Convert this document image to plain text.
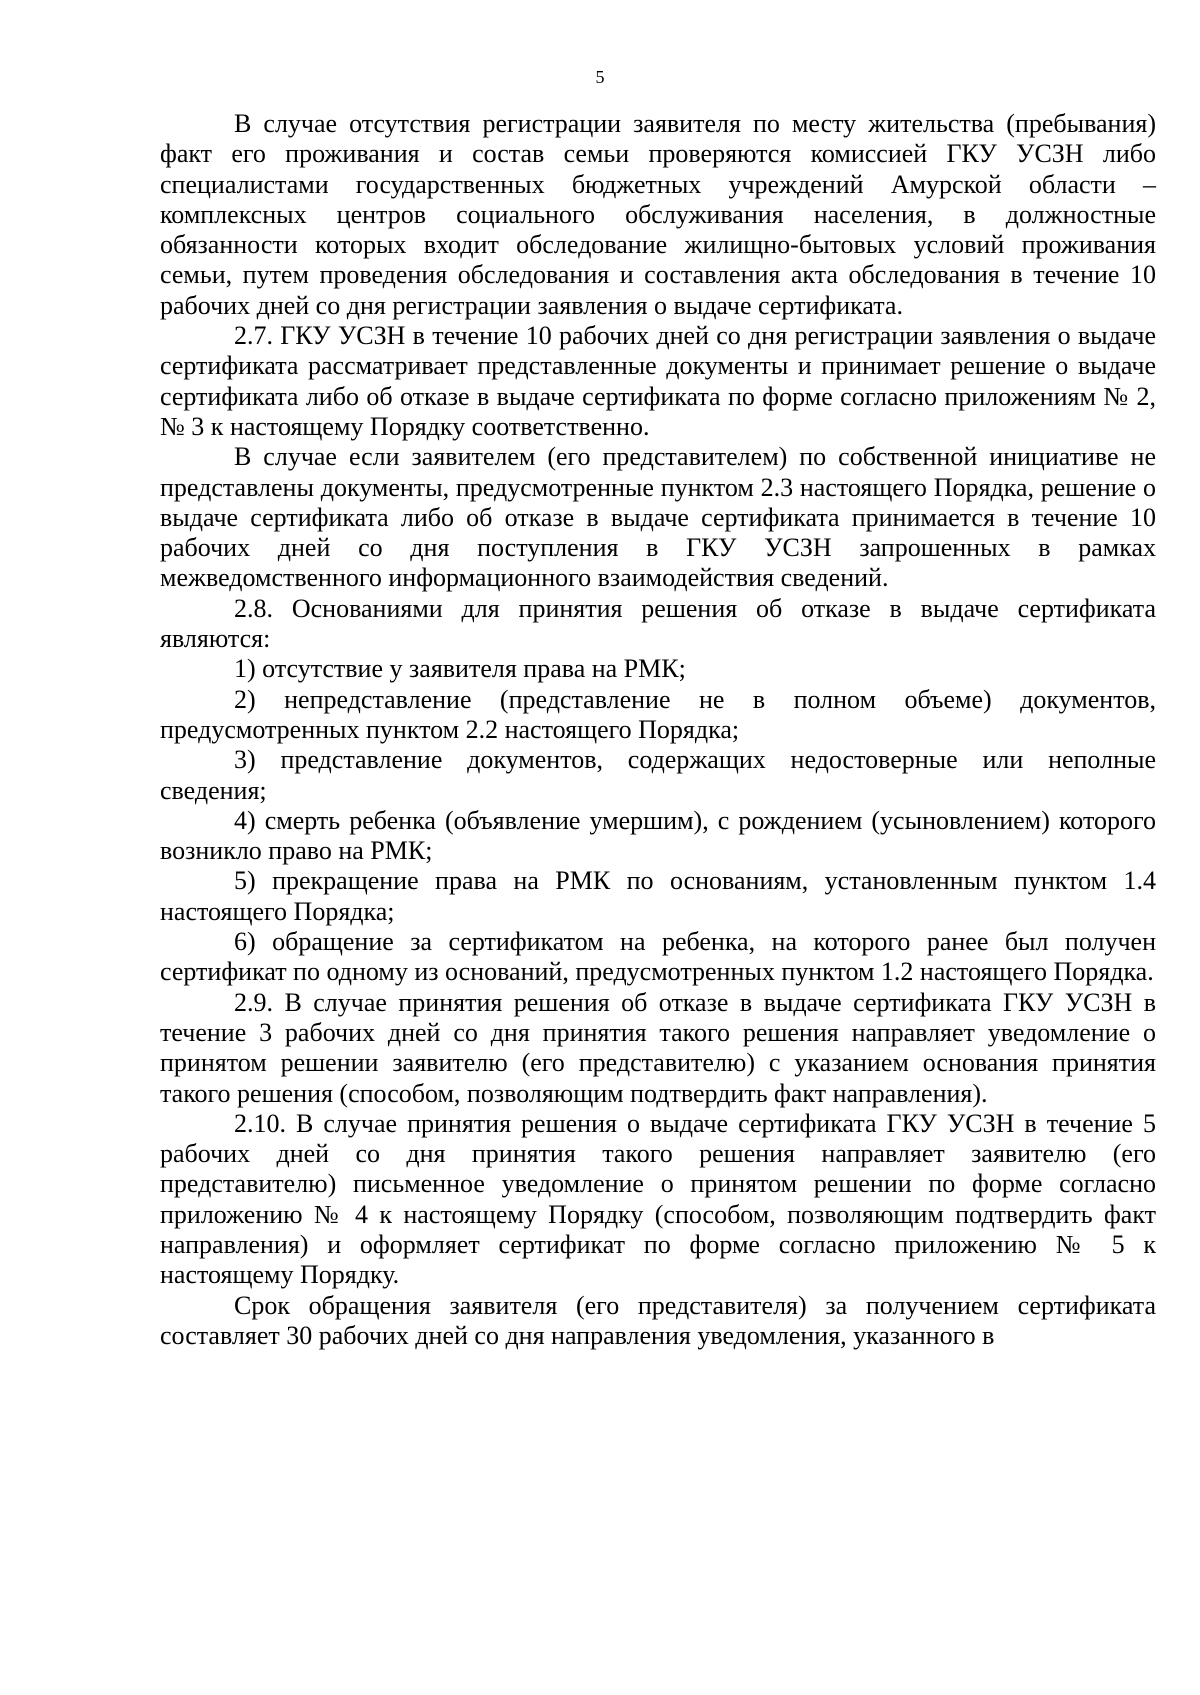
5

В случае отсутствия регистрации заявителя по месту жительства (пребывания) факт его проживания и состав семьи проверяются комиссией ГКУ УСЗН либо специалистами государственных бюджетных учреждений Амурской области – комплексных центров социального обслуживания населения, в должностные обязанности которых входит обследование жилищно-бытовых условий проживания семьи, путем проведения обследования и составления акта обследования в течение 10 рабочих дней со дня регистрации заявления о выдаче сертификата.

2.7. ГКУ УСЗН в течение 10 рабочих дней со дня регистрации заявления о выдаче сертификата рассматривает представленные документы и принимает решение о выдаче сертификата либо об отказе в выдаче сертификата по форме согласно приложениям № 2, № 3 к настоящему Порядку соответственно.

В случае если заявителем (его представителем) по собственной инициативе не представлены документы, предусмотренные пунктом 2.3 настоящего Порядка, решение о выдаче сертификата либо об отказе в выдаче сертификата принимается в течение 10 рабочих дней со дня поступления в ГКУ УСЗН запрошенных в рамках межведомственного информационного взаимодействия сведений.

2.8. Основаниями для принятия решения об отказе в выдаче сертификата являются:

1) отсутствие у заявителя права на РМК;

2) непредставление (представление не в полном объеме) документов, предусмотренных пунктом 2.2 настоящего Порядка;

3) представление документов, содержащих недостоверные или неполные сведения;

4) смерть ребенка (объявление умершим), с рождением (усыновлением) которого возникло право на РМК;

5) прекращение права на РМК по основаниям, установленным пунктом 1.4 настоящего Порядка;

6) обращение за сертификатом на ребенка, на которого ранее был получен сертификат по одному из оснований, предусмотренных пунктом 1.2 настоящего Порядка.

2.9. В случае принятия решения об отказе в выдаче сертификата ГКУ УСЗН в течение 3 рабочих дней со дня принятия такого решения направляет уведомление о принятом решении заявителю (его представителю) с указанием основания принятия такого решения (способом, позволяющим подтвердить факт направления).

2.10. В случае принятия решения о выдаче сертификата ГКУ УСЗН в течение 5 рабочих дней со дня принятия такого решения направляет заявителю (его представителю) письменное уведомление о принятом решении по форме согласно приложению № 4 к настоящему Порядку (способом, позволяющим подтвердить факт направления) и оформляет сертификат по форме согласно приложению № 5 к настоящему Порядку.

Срок обращения заявителя (его представителя) за получением сертификата составляет 30 рабочих дней со дня направления уведомления, указанного в
